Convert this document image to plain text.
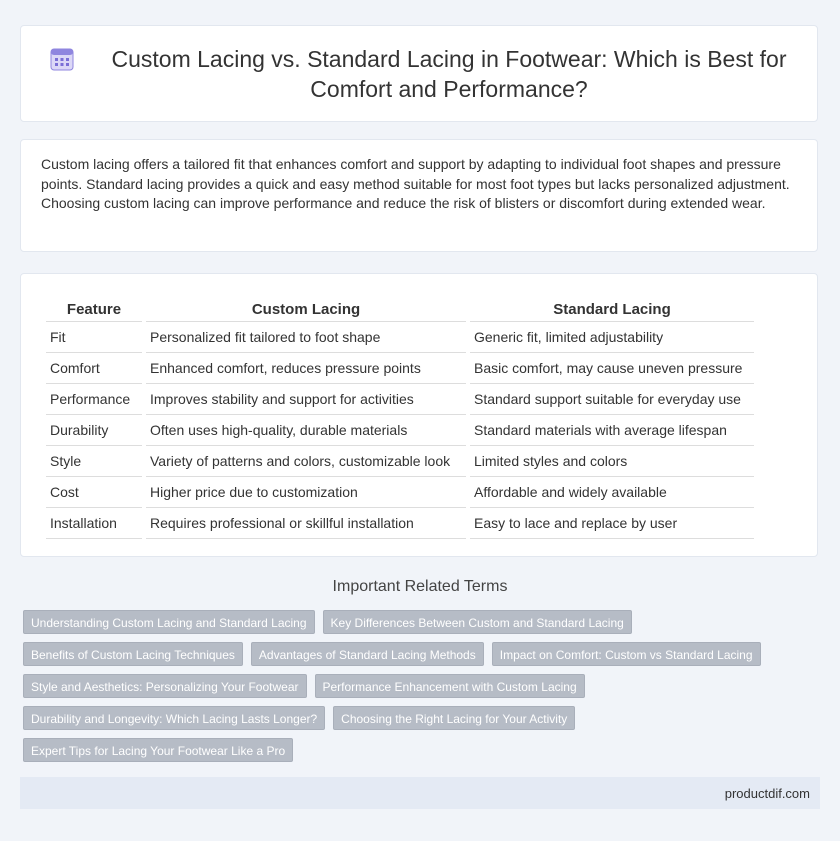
Custom Lacing vs. Standard Lacing in Footwear: Which is Best for
Comfort and Performance?

Custom lacing offers a tailored fit that enhances comfort and support by adapting to individual foot shapes and pressure points. Standard lacing provides a quick and easy method suitable for most foot types but lacks personalized adjustment. Choosing custom lacing can improve performance and reduce the risk of blisters or discomfort during extended wear.

Feature	Custom Lacing	Standard Lacing
Fit	Personalized fit tailored to foot shape	Generic fit, limited adjustability
Comfort	Enhanced comfort, reduces pressure points	Basic comfort, may cause uneven pressure
Performance	Improves stability and support for activities	Standard support suitable for everyday use
Durability	Often uses high-quality, durable materials	Standard materials with average lifespan
Style	Variety of patterns and colors, customizable look	Limited styles and colors
Cost	Higher price due to customization	Affordable and widely available
Installation	Requires professional or skillful installation	Easy to lace and replace by user
Important Related Terms
Understanding Custom Lacing and Standard Lacing	Key Differences Between Custom and Standard Lacing
Benefits of Custom Lacing Techniques	Advantages of Standard Lacing Methods	Impact on Comfort: Custom vs Standard Lacing
Style and Aesthetics: Personalizing Your Footwear	Performance Enhancement with Custom Lacing
Durability and Longevity: Which Lacing Lasts Longer?	Choosing the Right Lacing for Your Activity
Expert Tips for Lacing Your Footwear Like a Pro
productdif.com
